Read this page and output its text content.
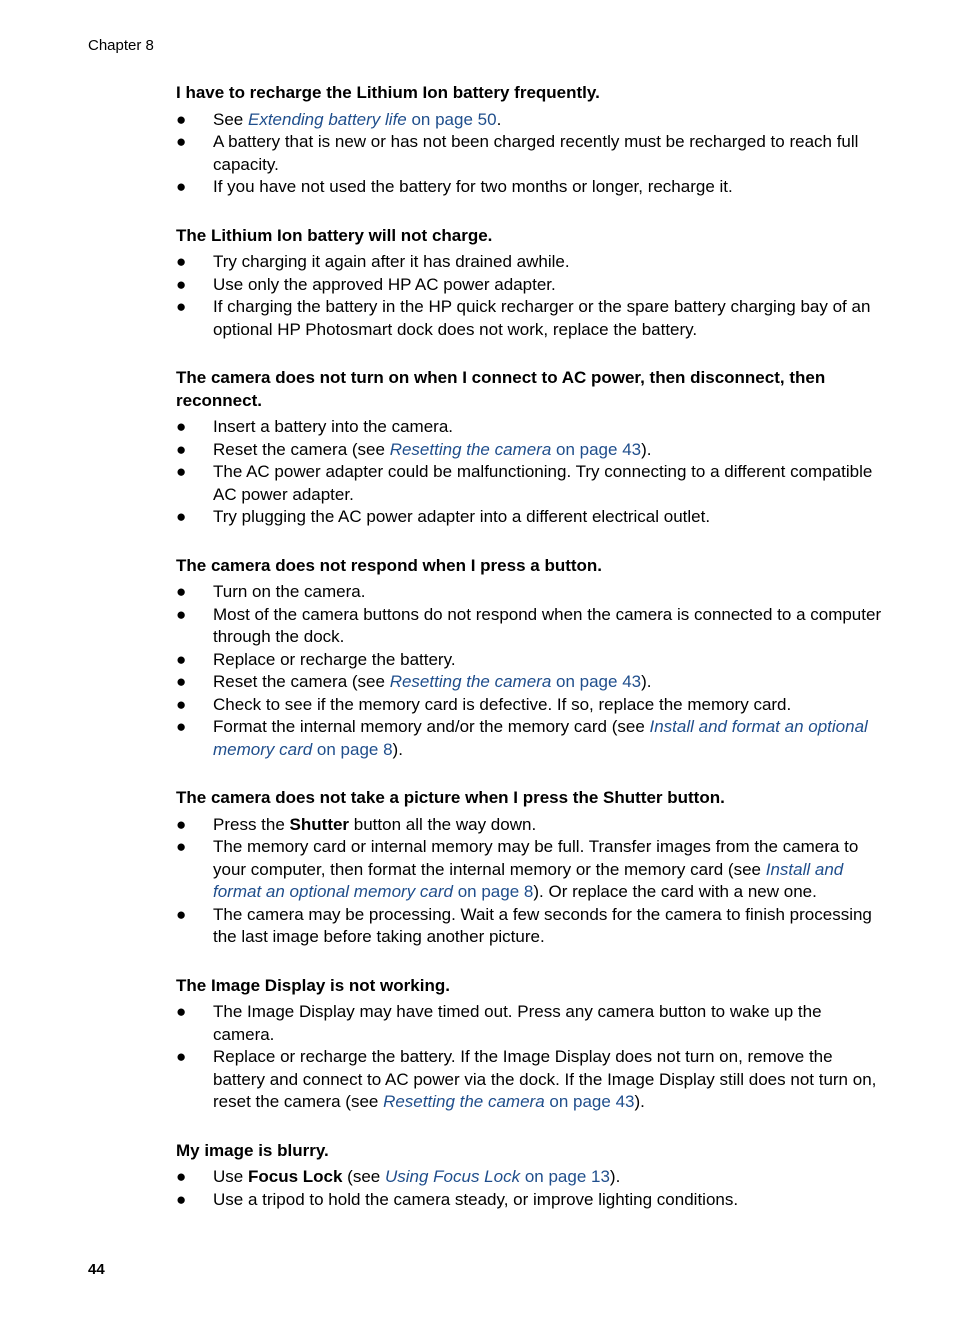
Chapter 8
I have to recharge the Lithium Ion battery frequently.
● See Extending battery life on page 50.
● A battery that is new or has not been charged recently must be recharged to reach full capacity.
● If you have not used the battery for two months or longer, recharge it.
The Lithium Ion battery will not charge.
● Try charging it again after it has drained awhile.
● Use only the approved HP AC power adapter.
● If charging the battery in the HP quick recharger or the spare battery charging bay of an optional HP Photosmart dock does not work, replace the battery.
The camera does not turn on when I connect to AC power, then disconnect, then reconnect.
● Insert a battery into the camera.
● Reset the camera (see Resetting the camera on page 43).
● The AC power adapter could be malfunctioning. Try connecting to a different compatible AC power adapter.
● Try plugging the AC power adapter into a different electrical outlet.
The camera does not respond when I press a button.
● Turn on the camera.
● Most of the camera buttons do not respond when the camera is connected to a computer through the dock.
● Replace or recharge the battery.
● Reset the camera (see Resetting the camera on page 43).
● Check to see if the memory card is defective. If so, replace the memory card.
● Format the internal memory and/or the memory card (see Install and format an optional memory card on page 8).
The camera does not take a picture when I press the Shutter button.
● Press the Shutter button all the way down.
● The memory card or internal memory may be full. Transfer images from the camera to your computer, then format the internal memory or the memory card (see Install and format an optional memory card on page 8). Or replace the card with a new one.
● The camera may be processing. Wait a few seconds for the camera to finish processing the last image before taking another picture.
The Image Display is not working.
● The Image Display may have timed out. Press any camera button to wake up the camera.
● Replace or recharge the battery. If the Image Display does not turn on, remove the battery and connect to AC power via the dock. If the Image Display still does not turn on, reset the camera (see Resetting the camera on page 43).
My image is blurry.
● Use Focus Lock (see Using Focus Lock on page 13).
● Use a tripod to hold the camera steady, or improve lighting conditions.
44
